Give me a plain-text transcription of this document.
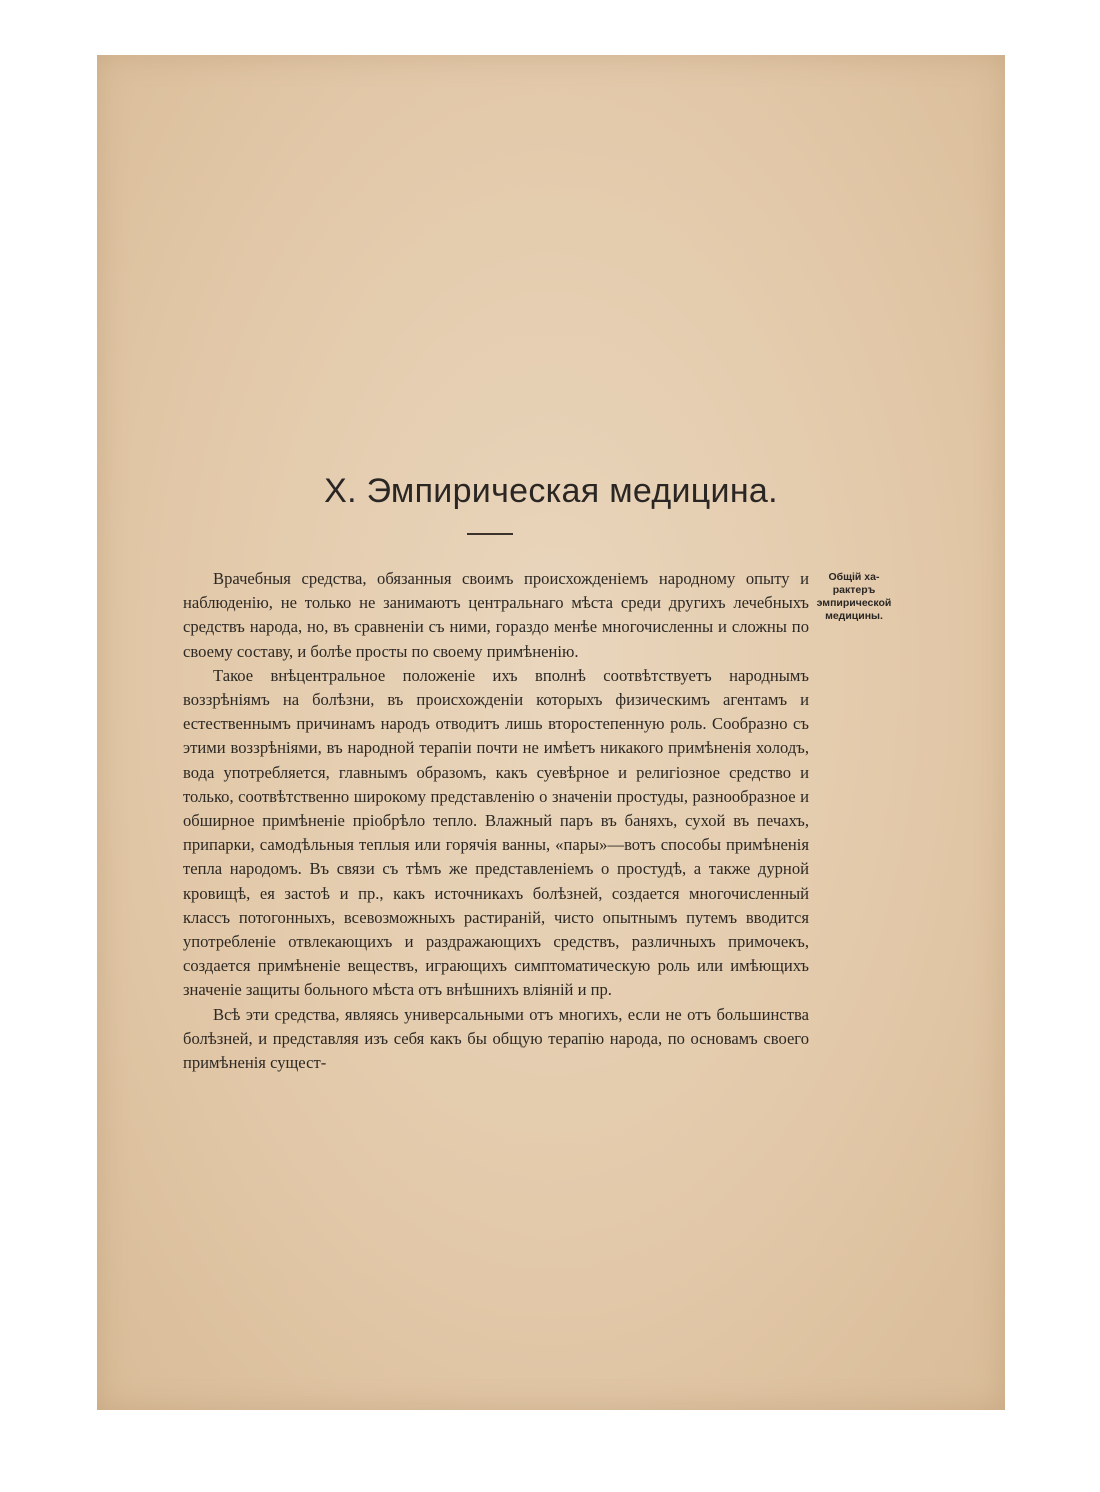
X. Эмпирическая медицина.

Врачебныя средства, обязанныя своимъ происхожденіемъ народному опыту и наблюденію, не только не занимаютъ центральнаго мѣста среди другихъ лечебныхъ средствъ народа, но, въ сравненіи съ ними, гораздо менѣе многочисленны и сложны по своему составу, и болѣе просты по своему примѣненію.

Такое внѣцентральное положеніе ихъ вполнѣ соотвѣтствуетъ народнымъ воззрѣніямъ на болѣзни, въ происхожденіи которыхъ физическимъ агентамъ и естественнымъ причинамъ народъ отводитъ лишь второстепенную роль. Сообразно съ этими воззрѣніями, въ народной терапіи почти не имѣетъ никакого примѣненія холодъ, вода употребляется, главнымъ образомъ, какъ суевѣрное и религіозное средство и только, соотвѣтственно широкому представленію о значеніи простуды, разнообразное и обширное примѣненіе пріобрѣло тепло. Влажный паръ въ баняхъ, сухой въ печахъ, припарки, самодѣльныя теплыя или горячія ванны, «пары»—вотъ способы примѣненія тепла народомъ. Въ связи съ тѣмъ же представленіемъ о простудѣ, а также дурной кровищѣ, ея застоѣ и пр., какъ источникахъ болѣзней, создается многочисленный классъ потогонныхъ, всевозможныхъ растираній, чисто опытнымъ путемъ вводится употребленіе отвлекающихъ и раздражающихъ средствъ, различныхъ примочекъ, создается примѣненіе веществъ, играющихъ симптоматическую роль или имѣющихъ значеніе защиты больного мѣста отъ внѣшнихъ вліяній и пр.

Всѣ эти средства, являясь универсальными отъ многихъ, если не отъ большинства болѣзней, и представляя изъ себя какъ бы общую терапію народа, по основамъ своего примѣненія сущест-

Общій ха-
рактеръ
эмпирической
медицины.
